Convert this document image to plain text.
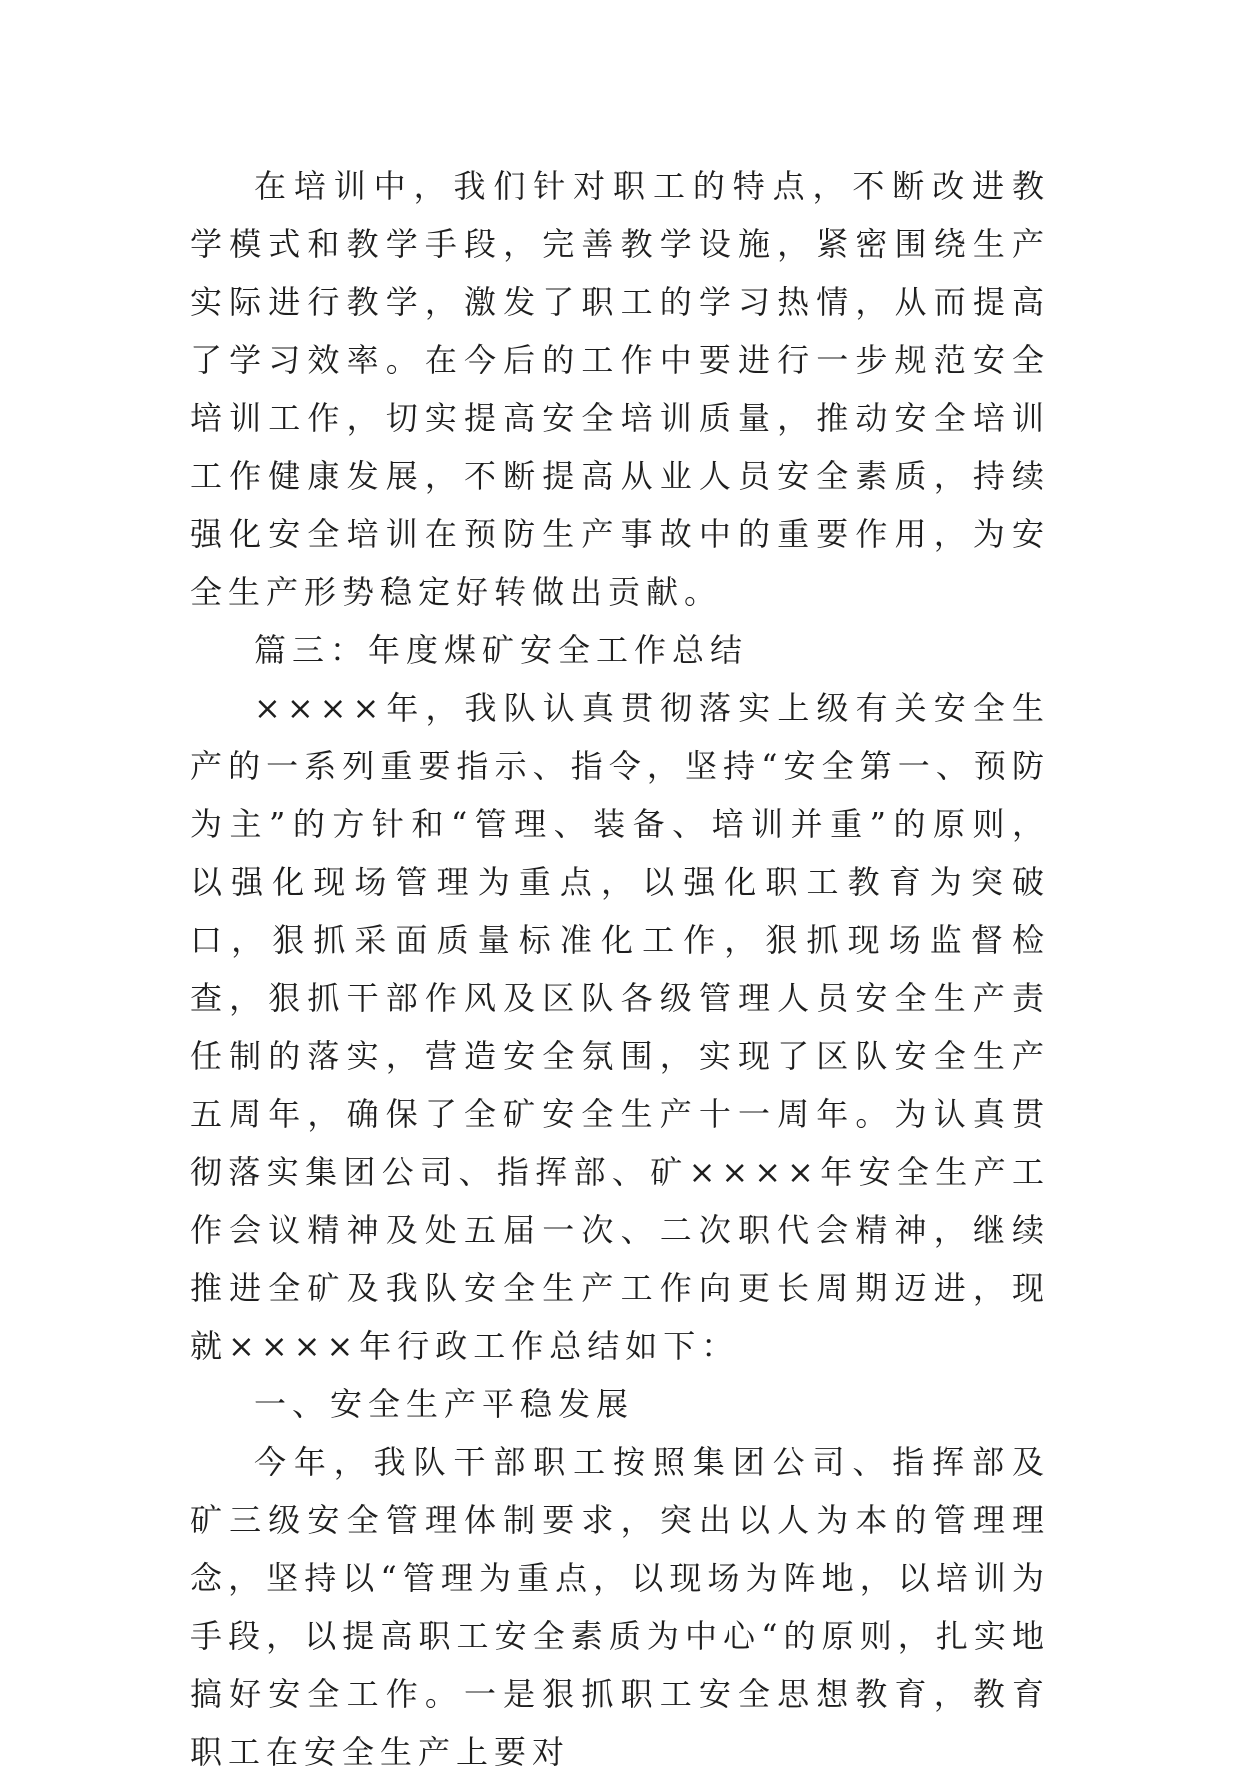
在培训中，我们针对职工的特点，不断改进教学模式和教学手段，完善教学设施，紧密围绕生产实际进行教学，激发了职工的学习热情，从而提高了学习效率。在今后的工作中要进行一步规范安全培训工作，切实提高安全培训质量，推动安全培训工作健康发展，不断提高从业人员安全素质，持续强化安全培训在预防生产事故中的重要作用，为安全生产形势稳定好转做出贡献。

篇三：年度煤矿安全工作总结

××××年，我队认真贯彻落实上级有关安全生产的一系列重要指示、指令，坚持“安全第一、预防为主”的方针和“管理、装备、培训并重”的原则，以强化现场管理为重点，以强化职工教育为突破口，狠抓采面质量标准化工作，狠抓现场监督检查，狠抓干部作风及区队各级管理人员安全生产责任制的落实，营造安全氛围，实现了区队安全生产五周年，确保了全矿安全生产十一周年。为认真贯彻落实集团公司、指挥部、矿××××年安全生产工作会议精神及处五届一次、二次职代会精神，继续推进全矿及我队安全生产工作向更长周期迈进，现就××××年行政工作总结如下：

一、安全生产平稳发展

今年，我队干部职工按照集团公司、指挥部及矿三级安全管理体制要求，突出以人为本的管理理念，坚持以“管理为重点，以现场为阵地，以培训为手段，以提高职工安全素质为中心“的原则，扎实地搞好安全工作。一是狠抓职工安全思想教育，教育职工在安全生产上要对
